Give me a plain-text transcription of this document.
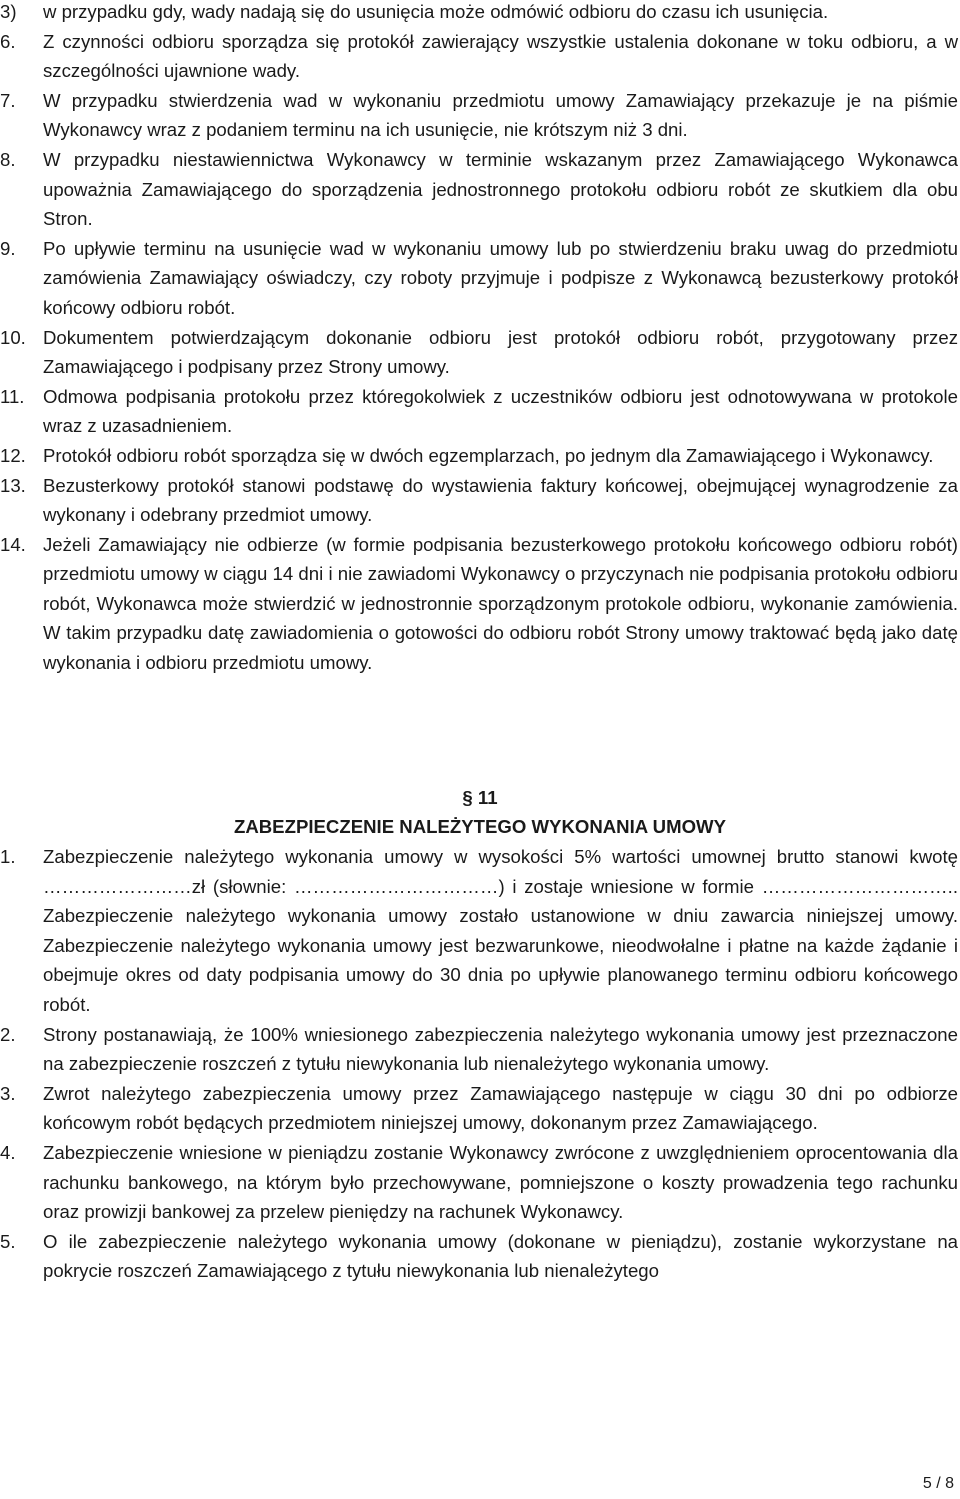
3)	w przypadku gdy, wady nadają się do usunięcia może odmówić odbioru do czasu ich usunięcia.
6.	Z czynności odbioru sporządza się protokół zawierający wszystkie ustalenia dokonane w toku odbioru, a w szczególności ujawnione wady.
7.	W przypadku stwierdzenia wad w wykonaniu przedmiotu umowy Zamawiający przekazuje je na piśmie Wykonawcy wraz z podaniem terminu na ich usunięcie, nie krótszym niż 3 dni.
8.	W przypadku niestawiennictwa Wykonawcy w terminie wskazanym przez Zamawiającego Wykonawca upoważnia Zamawiającego do sporządzenia jednostronnego protokołu odbioru robót ze skutkiem dla obu Stron.
9.	Po upływie terminu na usunięcie wad w wykonaniu umowy lub po stwierdzeniu braku uwag do przedmiotu zamówienia Zamawiający oświadczy, czy roboty przyjmuje i podpisze z Wykonawcą bezusterkowy protokół końcowy odbioru robót.
10. Dokumentem potwierdzającym dokonanie odbioru jest protokół odbioru robót, przygotowany przez Zamawiającego i podpisany przez Strony umowy.
11. Odmowa podpisania protokołu przez któregokolwiek z uczestników odbioru jest odnotowywana w protokole wraz z uzasadnieniem.
12. Protokół odbioru robót sporządza się w dwóch egzemplarzach, po jednym dla Zamawiającego i Wykonawcy.
13. Bezusterkowy protokół stanowi podstawę do wystawienia faktury końcowej, obejmującej wynagrodzenie za wykonany i odebrany przedmiot umowy.
14. Jeżeli Zamawiający nie odbierze (w formie podpisania bezusterkowego protokołu końcowego odbioru robót) przedmiotu umowy w ciągu 14 dni i nie zawiadomi Wykonawcy o przyczynach nie podpisania protokołu odbioru robót, Wykonawca może stwierdzić w jednostronnie sporządzonym protokole odbioru, wykonanie zamówienia. W takim przypadku datę zawiadomienia o gotowości do odbioru robót Strony umowy traktować będą jako datę wykonania i odbioru przedmiotu umowy.
§ 11
ZABEZPIECZENIE NALEŻYTEGO WYKONANIA UMOWY
1.	Zabezpieczenie należytego wykonania umowy w wysokości 5% wartości umownej brutto stanowi kwotę ……………………zł (słownie: ……………………………) i zostaje wniesione w formie ………………………….. Zabezpieczenie należytego wykonania umowy zostało ustanowione w dniu zawarcia niniejszej umowy. Zabezpieczenie należytego wykonania umowy jest bezwarunkowe, nieodwołalne i płatne na każde żądanie i obejmuje okres od daty podpisania umowy do 30 dnia po upływie planowanego terminu odbioru końcowego robót.
2.	Strony postanawiają, że 100% wniesionego zabezpieczenia należytego wykonania umowy jest przeznaczone na zabezpieczenie roszczeń z tytułu niewykonania lub nienależytego wykonania umowy.
3.	Zwrot należytego zabezpieczenia umowy przez Zamawiającego następuje w ciągu 30 dni po odbiorze końcowym robót będących przedmiotem niniejszej umowy, dokonanym przez Zamawiającego.
4.	Zabezpieczenie wniesione w pieniądzu zostanie Wykonawcy zwrócone z uwzględnieniem oprocentowania dla rachunku bankowego, na którym było przechowywane, pomniejszone o koszty prowadzenia tego rachunku oraz prowizji bankowej za przelew pieniędzy na rachunek Wykonawcy.
5.	O ile zabezpieczenie należytego wykonania umowy (dokonane w pieniądzu), zostanie wykorzystane na pokrycie roszczeń Zamawiającego z tytułu niewykonania lub nienależytego
5 / 8
